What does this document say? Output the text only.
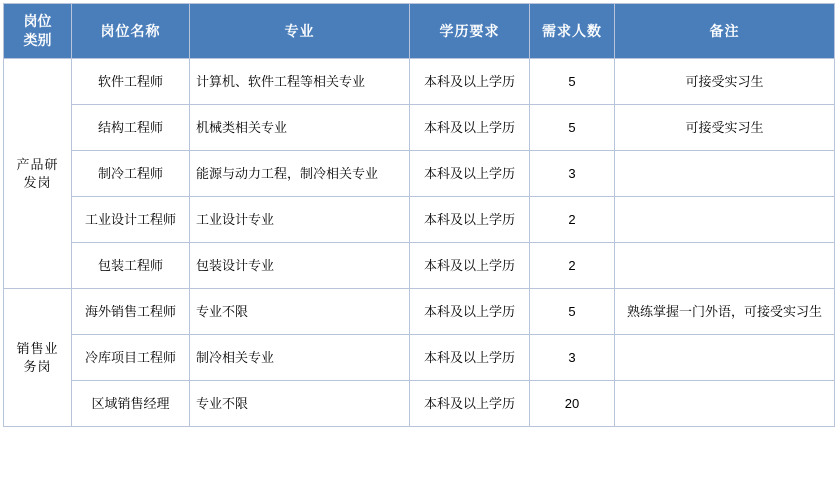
岗位
类别	岗位名称	专业	学历要求	需求人数	备注
产品研发岗	软件工程师	计算机、软件工程等相关专业	本科及以上学历	5	可接受实习生
	结构工程师	机械类相关专业	本科及以上学历	5	可接受实习生
	制冷工程师	能源与动力工程，制冷相关专业	本科及以上学历	3	
	工业设计工程师	工业设计专业	本科及以上学历	2	
	包装工程师	包装设计专业	本科及以上学历	2	
销售业务岗	海外销售工程师	专业不限	本科及以上学历	5	熟练掌握一门外语，可接受实习生
	冷库项目工程师	制冷相关专业	本科及以上学历	3	
	区域销售经理	专业不限	本科及以上学历	20	
